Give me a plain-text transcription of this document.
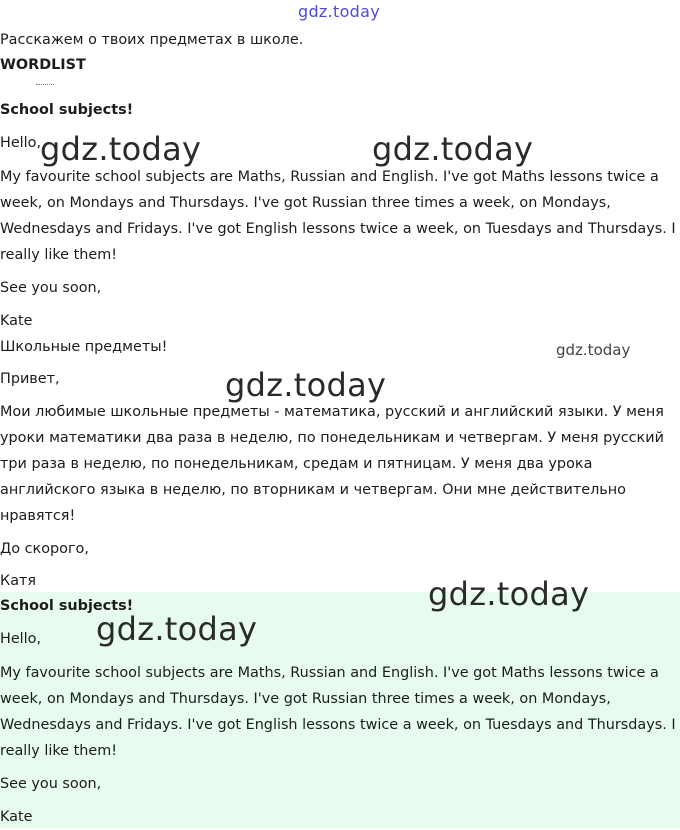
gdz.today
Расскажем о твоих предметах в школе.
WORDLIST
School subjects!
Hello,

My favourite school subjects are Maths, Russian and English. I've got Maths lessons twice a week, on Mondays and Thursdays. I've got Russian three times a week, on Mondays, Wednesdays and Fridays. I've got English lessons twice a week, on Tuesdays and Thursdays. I really like them!

See you soon,
Kate
Школьные предметы!
Привет,

Мои любимые школьные предметы - математика, русский и английский языки. У меня уроки математики два раза в неделю, по понедельникам и четвергам. У меня русский три раза в неделю, по понедельникам, средам и пятницам. У меня два урока английского языка в неделю, по вторникам и четвергам. Они мне действительно нравятся!

До скорого,
Катя
School subjects!
Hello,

My favourite school subjects are Maths, Russian and English. I've got Maths lessons twice a week, on Mondays and Thursdays. I've got Russian three times a week, on Mondays, Wednesdays and Fridays. I've got English lessons twice a week, on Tuesdays and Thursdays. I really like them!

See you soon,
Kate
gdz.today	gdz.today
gdz.today
gdz.today
gdz.today
gdz.today
